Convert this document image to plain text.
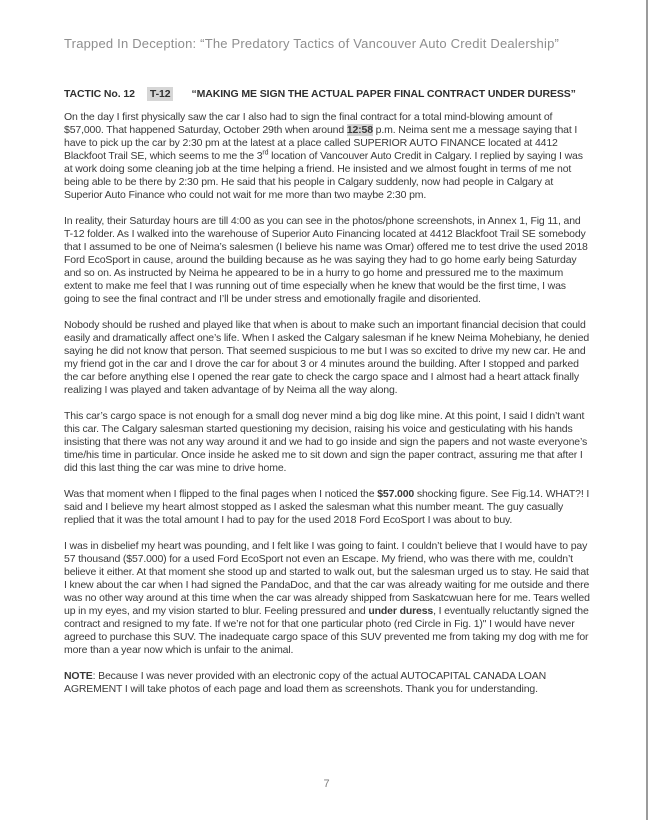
Trapped In Deception: “The Predatory Tactics of Vancouver Auto Credit Dealership”
TACTIC No. 12 T-12 “MAKING ME SIGN THE ACTUAL PAPER FINAL CONTRACT UNDER DURESS”

On the day I first physically saw the car I also had to sign the final contract for a total mind-blowing amount of $57,000. That happened Saturday, October 29th when around 12:58 p.m. Neima sent me a message saying that I have to pick up the car by 2:30 pm at the latest at a place called SUPERIOR AUTO FINANCE located at 4412 Blackfoot Trail SE, which seems to me the 3rd location of Vancouver Auto Credit in Calgary. I replied by saying I was at work doing some cleaning job at the time helping a friend. He insisted and we almost fought in terms of me not being able to be there by 2:30 pm. He said that his people in Calgary suddenly, now had people in Calgary at Superior Auto Finance who could not wait for me more than two maybe 2:30 pm.

In reality, their Saturday hours are till 4:00 as you can see in the photos/phone screenshots, in Annex 1, Fig 11, and T-12 folder. As I walked into the warehouse of Superior Auto Financing located at 4412 Blackfoot Trail SE somebody that I assumed to be one of Neima’s salesmen (I believe his name was Omar) offered me to test drive the used 2018 Ford EcoSport in cause, around the building because as he was saying they had to go home early being Saturday and so on. As instructed by Neima he appeared to be in a hurry to go home and pressured me to the maximum extent to make me feel that I was running out of time especially when he knew that would be the first time, I was going to see the final contract and I’ll be under stress and emotionally fragile and disoriented.

Nobody should be rushed and played like that when is about to make such an important financial decision that could easily and dramatically affect one’s life. When I asked the Calgary salesman if he knew Neima Mohebiany, he denied saying he did not know that person. That seemed suspicious to me but I was so excited to drive my new car. He and my friend got in the car and I drove the car for about 3 or 4 minutes around the building. After I stopped and parked the car before anything else I opened the rear gate to check the cargo space and I almost had a heart attack finally realizing I was played and taken advantage of by Neima all the way along.

This car’s cargo space is not enough for a small dog never mind a big dog like mine. At this point, I said I didn’t want this car. The Calgary salesman started questioning my decision, raising his voice and gesticulating with his hands insisting that there was not any way around it and we had to go inside and sign the papers and not waste everyone’s time/his time in particular. Once inside he asked me to sit down and sign the paper contract, assuring me that after I did this last thing the car was mine to drive home.

Was that moment when I flipped to the final pages when I noticed the $57.000 shocking figure. See Fig.14. WHAT?! I said and I believe my heart almost stopped as I asked the salesman what this number meant. The guy casually replied that it was the total amount I had to pay for the used 2018 Ford EcoSport I was about to buy.

I was in disbelief my heart was pounding, and I felt like I was going to faint. I couldn’t believe that I would have to pay 57 thousand ($57.000) for a used Ford EcoSport not even an Escape. My friend, who was there with me, couldn’t believe it either. At that moment she stood up and started to walk out, but the salesman urged us to stay. He said that I knew about the car when I had signed the PandaDoc, and that the car was already waiting for me outside and there was no other way around at this time when the car was already shipped from Saskatcwuan here for me. Tears welled up in my eyes, and my vision started to blur. Feeling pressured and under duress, I eventually reluctantly signed the contract and resigned to my fate. If we’re not for that one particular photo (red Circle in Fig. 1)" I would have never agreed to purchase this SUV. The inadequate cargo space of this SUV prevented me from taking my dog with me for more than a year now which is unfair to the animal.

NOTE: Because I was never provided with an electronic copy of the actual AUTOCAPITAL CANADA LOAN AGREMENT I will take photos of each page and load them as screenshots. Thank you for understanding.

7
